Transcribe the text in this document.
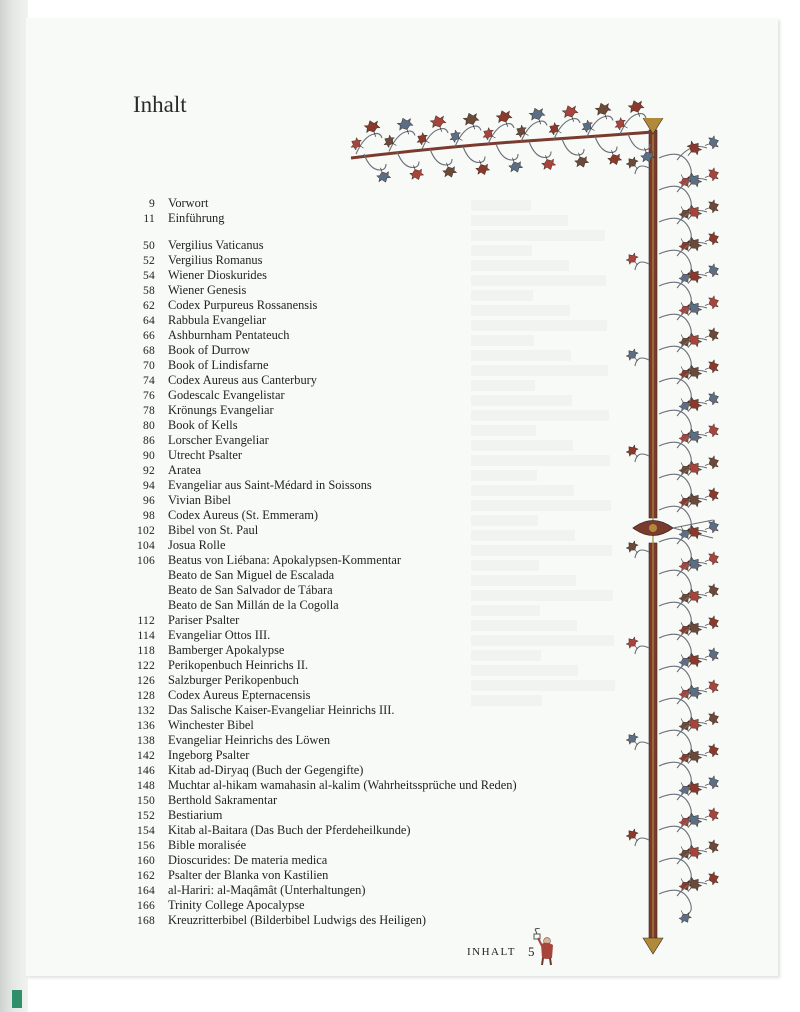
Inhalt
9 Vorwort
11 Einführung
50 Vergilius Vaticanus
52 Vergilius Romanus
54 Wiener Dioskurides
58 Wiener Genesis
62 Codex Purpureus Rossanensis
64 Rabbula Evangeliar
66 Ashburnham Pentateuch
68 Book of Durrow
70 Book of Lindisfarne
74 Codex Aureus aus Canterbury
76 Godescalc Evangelistar
78 Krönungs Evangeliar
80 Book of Kells
86 Lorscher Evangeliar
90 Utrecht Psalter
92 Aratea
94 Evangeliar aus Saint-Médard in Soissons
96 Vivian Bibel
98 Codex Aureus (St. Emmeram)
102 Bibel von St. Paul
104 Josua Rolle
106 Beatus von Liébana: Apokalypsen-Kommentar
Beato de San Miguel de Escalada
Beato de San Salvador de Tábara
Beato de San Millán de la Cogolla
112 Pariser Psalter
114 Evangeliar Ottos III.
118 Bamberger Apokalypse
122 Perikopenbuch Heinrichs II.
126 Salzburger Perikopenbuch
128 Codex Aureus Epternacensis
132 Das Salische Kaiser-Evangeliar Heinrichs III.
136 Winchester Bibel
138 Evangeliar Heinrichs des Löwen
142 Ingeborg Psalter
146 Kitab ad-Diryaq (Buch der Gegengifte)
148 Muchtar al-hikam wamahasin al-kalim (Wahrheitssprüche und Reden)
150 Berthold Sakramentar
152 Bestiarium
154 Kitab al-Baitara (Das Buch der Pferdeheilkunde)
156 Bible moralisée
160 Dioscurides: De materia medica
162 Psalter der Blanka von Kastilien
164 al-Hariri: al-Maqâmât (Unterhaltungen)
166 Trinity College Apocalypse
168 Kreuzritterbibel (Bilderbibel Ludwigs des Heiligen)
INHALT 5
